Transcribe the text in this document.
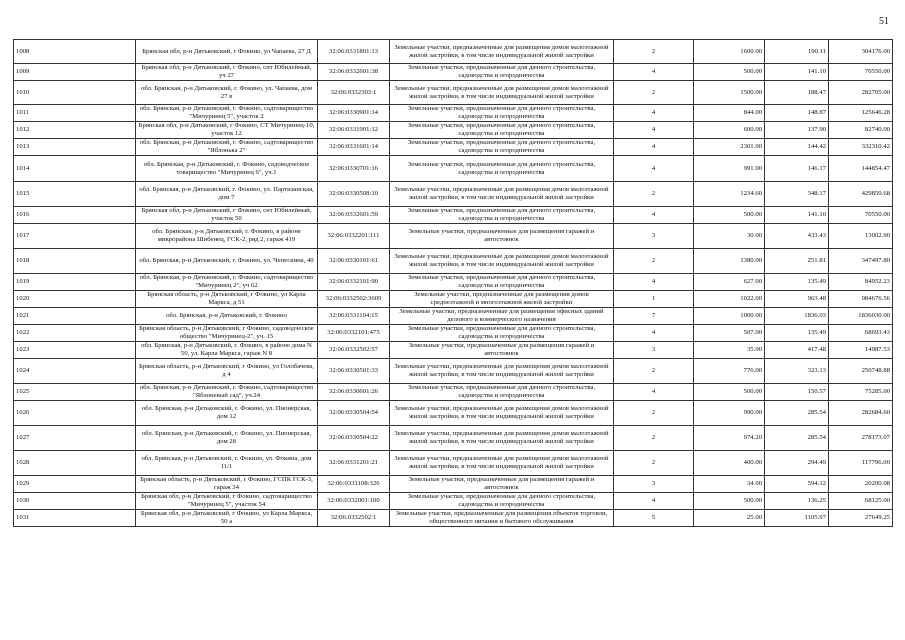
51
1008	Брянская обл, р-н Дятьковский, г Фокино, ул Чапаева, 27 Д	32:06:0331801:13	Земельные участки, предназначенные для размещения домов малоэтажной жилой застройки, в том числе индивидуальной жилой застройки	2	1600.00	190.11	304176.00
1009	Брянская обл, р-н Дятьковский, г Фокино, снт Юбилейный, уч 27	32:06:0332601:38	Земельные участки, предназначенные для дачного строительства, садоводства и огородничества	4	500.00	141.10	70550.00
1010	обл. Брянская, р-н Дятьковский, г. Фокино, ул. Чапаева, дом 27 в	32:06:0332303:1	Земельные участки, предназначенные для размещения домов малоэтажной жилой застройки, в том числе индивидуальной жилой застройки	2	1500.00	188.47	282705.00
1011	обл. Брянская, р-н Дятьковский, г. Фокино, садтоварищество "Мичуринец 5", участок 2	32:06:0330901:14	Земельные участки, предназначенные для дачного строительства, садоводства и огородничества	4	844.00	148.87	125646.28
1012	Брянская обл, р-н Дятьковский, г Фокино, СТ Мичуринец-10, участок 12	32:06:0331901:12	Земельные участки, предназначенные для дачного строительства, садоводства и огородничества	4	600.00	137.90	82740.00
1013	обл. Брянская, р-н Дятьковский, г. Фокино, садтоварищество "Яблонька 2"	32:06:0331601:14	Земельные участки, предназначенные для дачного строительства, садоводства и огородничества	4	2301.00	144.42	332310.42
1014	обл. Брянская, р-н Дятьковский, г. Фокино, садоводческое товарищество "Мичуринец 6", уч.1	32:06:0330701:16	Земельные участки, предназначенные для дачного строительства, садоводства и огородничества	4	991.00	146.17	144854.47
1015	обл. Брянская, р-н Дятьковский, г. Фокино, ул. Партизанская, дом 7	32:06:0330508:10	Земельные участки, предназначенные для размещения домов малоэтажной жилой застройки, в том числе индивидуальной жилой застройки	2	1234.60	348.17	429850.68
1016	Брянская обл, р-н Дятьковский, г Фокино, снт Юбилейный, участок 50	32:06:0332601:59	Земельные участки, предназначенные для дачного строительства, садоводства и огородничества	4	500.00	141.10	70550.00
1017	обл. Брянская, р-н Дятьковский, г. Фокино, в районе микрорайона Шибенец, ГСК-2, ряд 2, гараж 419	32:06:0332201:111	Земельные участки, предназначенные для размещения гаражей и автостоянок	3	30.00	433.43	13002.90
1018	обл. Брянская, р-н Дятьковский, г. Фокино, ул. Чепескина, 40	32:06:0330101:61	Земельные участки, предназначенные для размещения домов малоэтажной жилой застройки, в том числе индивидуальной жилой застройки	2	1380.00	251.81	347497.80
1019	обл. Брянская, р-н Дятьковский, г. Фокино, садтоварищество "Мичуринец 2", уч 62	32:06:0332101:90	Земельные участки, предназначенные для дачного строительства, садоводства и огородничества	4	627.00	135.49	84952.23
1020	Брянская область, р-н Дятьковский, г Фокино, ул Карла Маркса, д 51	32:06:0332502:3609	Земельные участки, предназначенные для размещения домов среднеэтажной и многоэтажной жилой застройки	1	1022.00	963.48	984676.56
1021	обл. Брянская, р-н Дятьковский, г. Фокино	32:06:0331104:15	Земельные участки, предназначенные для размещения офисных зданий делового и коммерческого назначения	7	1000.00	1836.03	1836030.00
1022	Брянская область, р-н Дятьковский, г Фокино, садоводческое общество "Мичуринец-2", уч. 15	32:06:0332101:475	Земельные участки, предназначенные для дачного строительства, садоводства и огородничества	4	507.00	135.49	68693.43
1023	обл. Брянская, р-н Дятьковский, г. Фокино, в районе дома N 50, ул. Карла Маркса, гараж N 8	32:06:0332502:57	Земельные участки, предназначенные для размещения гаражей и автостоянок	3	35.90	417.48	14987.53
1024	Брянская область, р-н Дятьковский, г Фокино, ул Голобачева, д 4	32:06:0330501:33	Земельные участки, предназначенные для размещения домов малоэтажной жилой застройки, в том числе индивидуальной жилой застройки	2	776.00	323.13	250748.88
1025	обл. Брянская, р-н Дятьковский, г. Фокино, садтоварищество "Яблоневый сад", уч.24	32:06:0330601:26	Земельные участки, предназначенные для дачного строительства, садоводства и огородничества	4	500.00	150.57	75285.00
1026	обл. Брянская, р-н Дятьковский, г. Фокино, ул. Пионерская, дом 12	32:06:0330504:54	Земельные участки, предназначенные для размещения домов малоэтажной жилой застройки, в том числе индивидуальной жилой застройки	2	990.00	285.54	282684.60
1027	обл. Брянская, р-н Дятьковский, г. Фокино, ул. Пионерская, дом 28	32:06:0330504:22	Земельные участки, предназначенные для размещения домов малоэтажной жилой застройки, в том числе индивидуальной жилой застройки	2	974.20	285.54	278173.07
1028	обл. Брянская, р-н Дятьковский, г. Фокино, ул. Фокина, дом 11/1	32:06:0331201:21	Земельные участки, предназначенные для размещения домов малоэтажной жилой застройки, в том числе индивидуальной жилой застройки	2	400.00	294.49	117796.00
1029	Брянская область, р-н Дятьковский, г Фокино, ГСПК ГСК-3, гараж 34	32:06:0331108:326	Земельные участки, предназначенные для размещения гаражей и автостоянок	3	34.00	594.12	20200.08
1030	Брянская обл, р-н Дятьковский, г Фокино, садтоварищество "Мичуринец 5", участок 54	32:06:0332001:100	Земельные участки, предназначенные для дачного строительства, садоводства и огородничества	4	500.00	136.25	68125.00
1031	Брянская обл, р-н Дятьковский, г Фокино, ул Карла Маркса, 50 а	32:06:0332502:1	Земельные участки, предназначенные для размещения объектов торговли, общественного питания и бытового обслуживания	5	25.00	1105.97	27649.25
